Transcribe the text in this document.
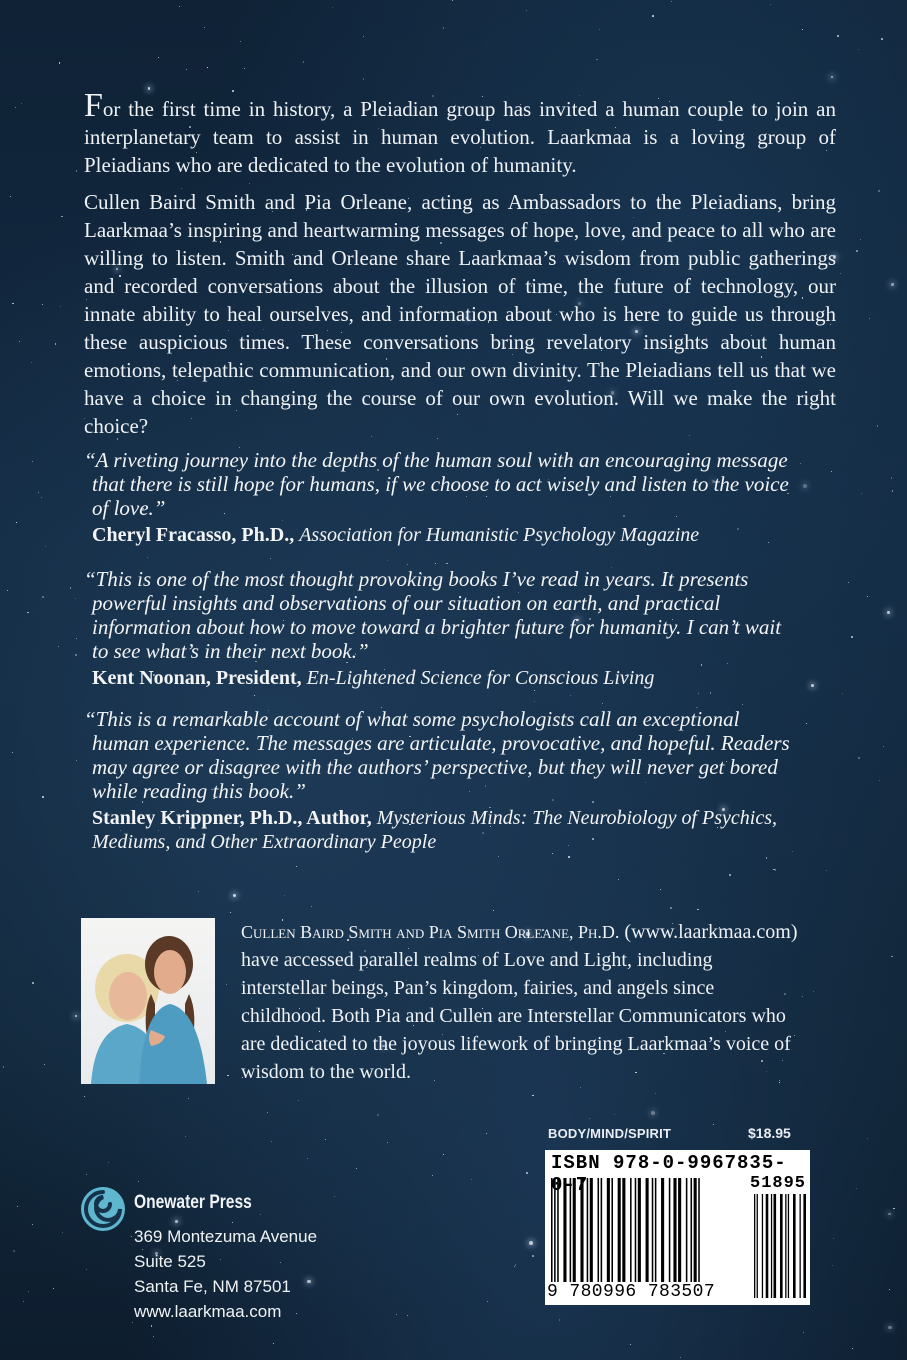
For the first time in history, a Pleiadian group has invited a human couple to join an interplanetary team to assist in human evolution. Laarkmaa is a loving group of Pleiadians who are dedicated to the evolution of humanity.

Cullen Baird Smith and Pia Orleane, acting as Ambassadors to the Pleiadians, bring Laarkmaa’s inspiring and heartwarming messages of hope, love, and peace to all who are willing to listen. Smith and Orleane share Laarkmaa’s wisdom from public gatherings and recorded conversations about the illusion of time, the future of technology, our innate ability to heal ourselves, and information about who is here to guide us through these auspicious times. These conversations bring revelatory insights about human emotions, telepathic communication, and our own divinity. The Pleiadians tell us that we have a choice in changing the course of our own evolution. Will we make the right choice?

“A riveting journey into the depths of the human soul with an encouraging message that there is still hope for humans, if we choose to act wisely and listen to the voice of love.”
Cheryl Fracasso, Ph.D., Association for Humanistic Psychology Magazine
“This is one of the most thought provoking books I’ve read in years. It presents powerful insights and observations of our situation on earth, and practical information about how to move toward a brighter future for humanity. I can’t wait to see what’s in their next book.”
Kent Noonan, President, En-Lightened Science for Conscious Living
“This is a remarkable account of what some psychologists call an exceptional human experience. The messages are articulate, provocative, and hopeful. Readers may agree or disagree with the authors’ perspective, but they will never get bored while reading this book.”
Stanley Krippner, Ph.D., Author, Mysterious Minds: The Neurobiology of Psychics, Mediums, and Other Extraordinary People
Cullen Baird Smith and Pia Smith Orleane, Ph.D. (www.laarkmaa.com) have accessed parallel realms of Love and Light, including interstellar beings, Pan’s kingdom, fairies, and angels since childhood. Both Pia and Cullen are Interstellar Communicators who are dedicated to the joyous lifework of bringing Laarkmaa’s voice of wisdom to the world.
BODY/MIND/SPIRIT	$18.95
ISBN 978-0-9967835- -7	51895
9 780996 783507
Onewater Press
369 Montezuma Avenue
Suite 525
Santa Fe, NM 87501
www.laarkmaa.com
